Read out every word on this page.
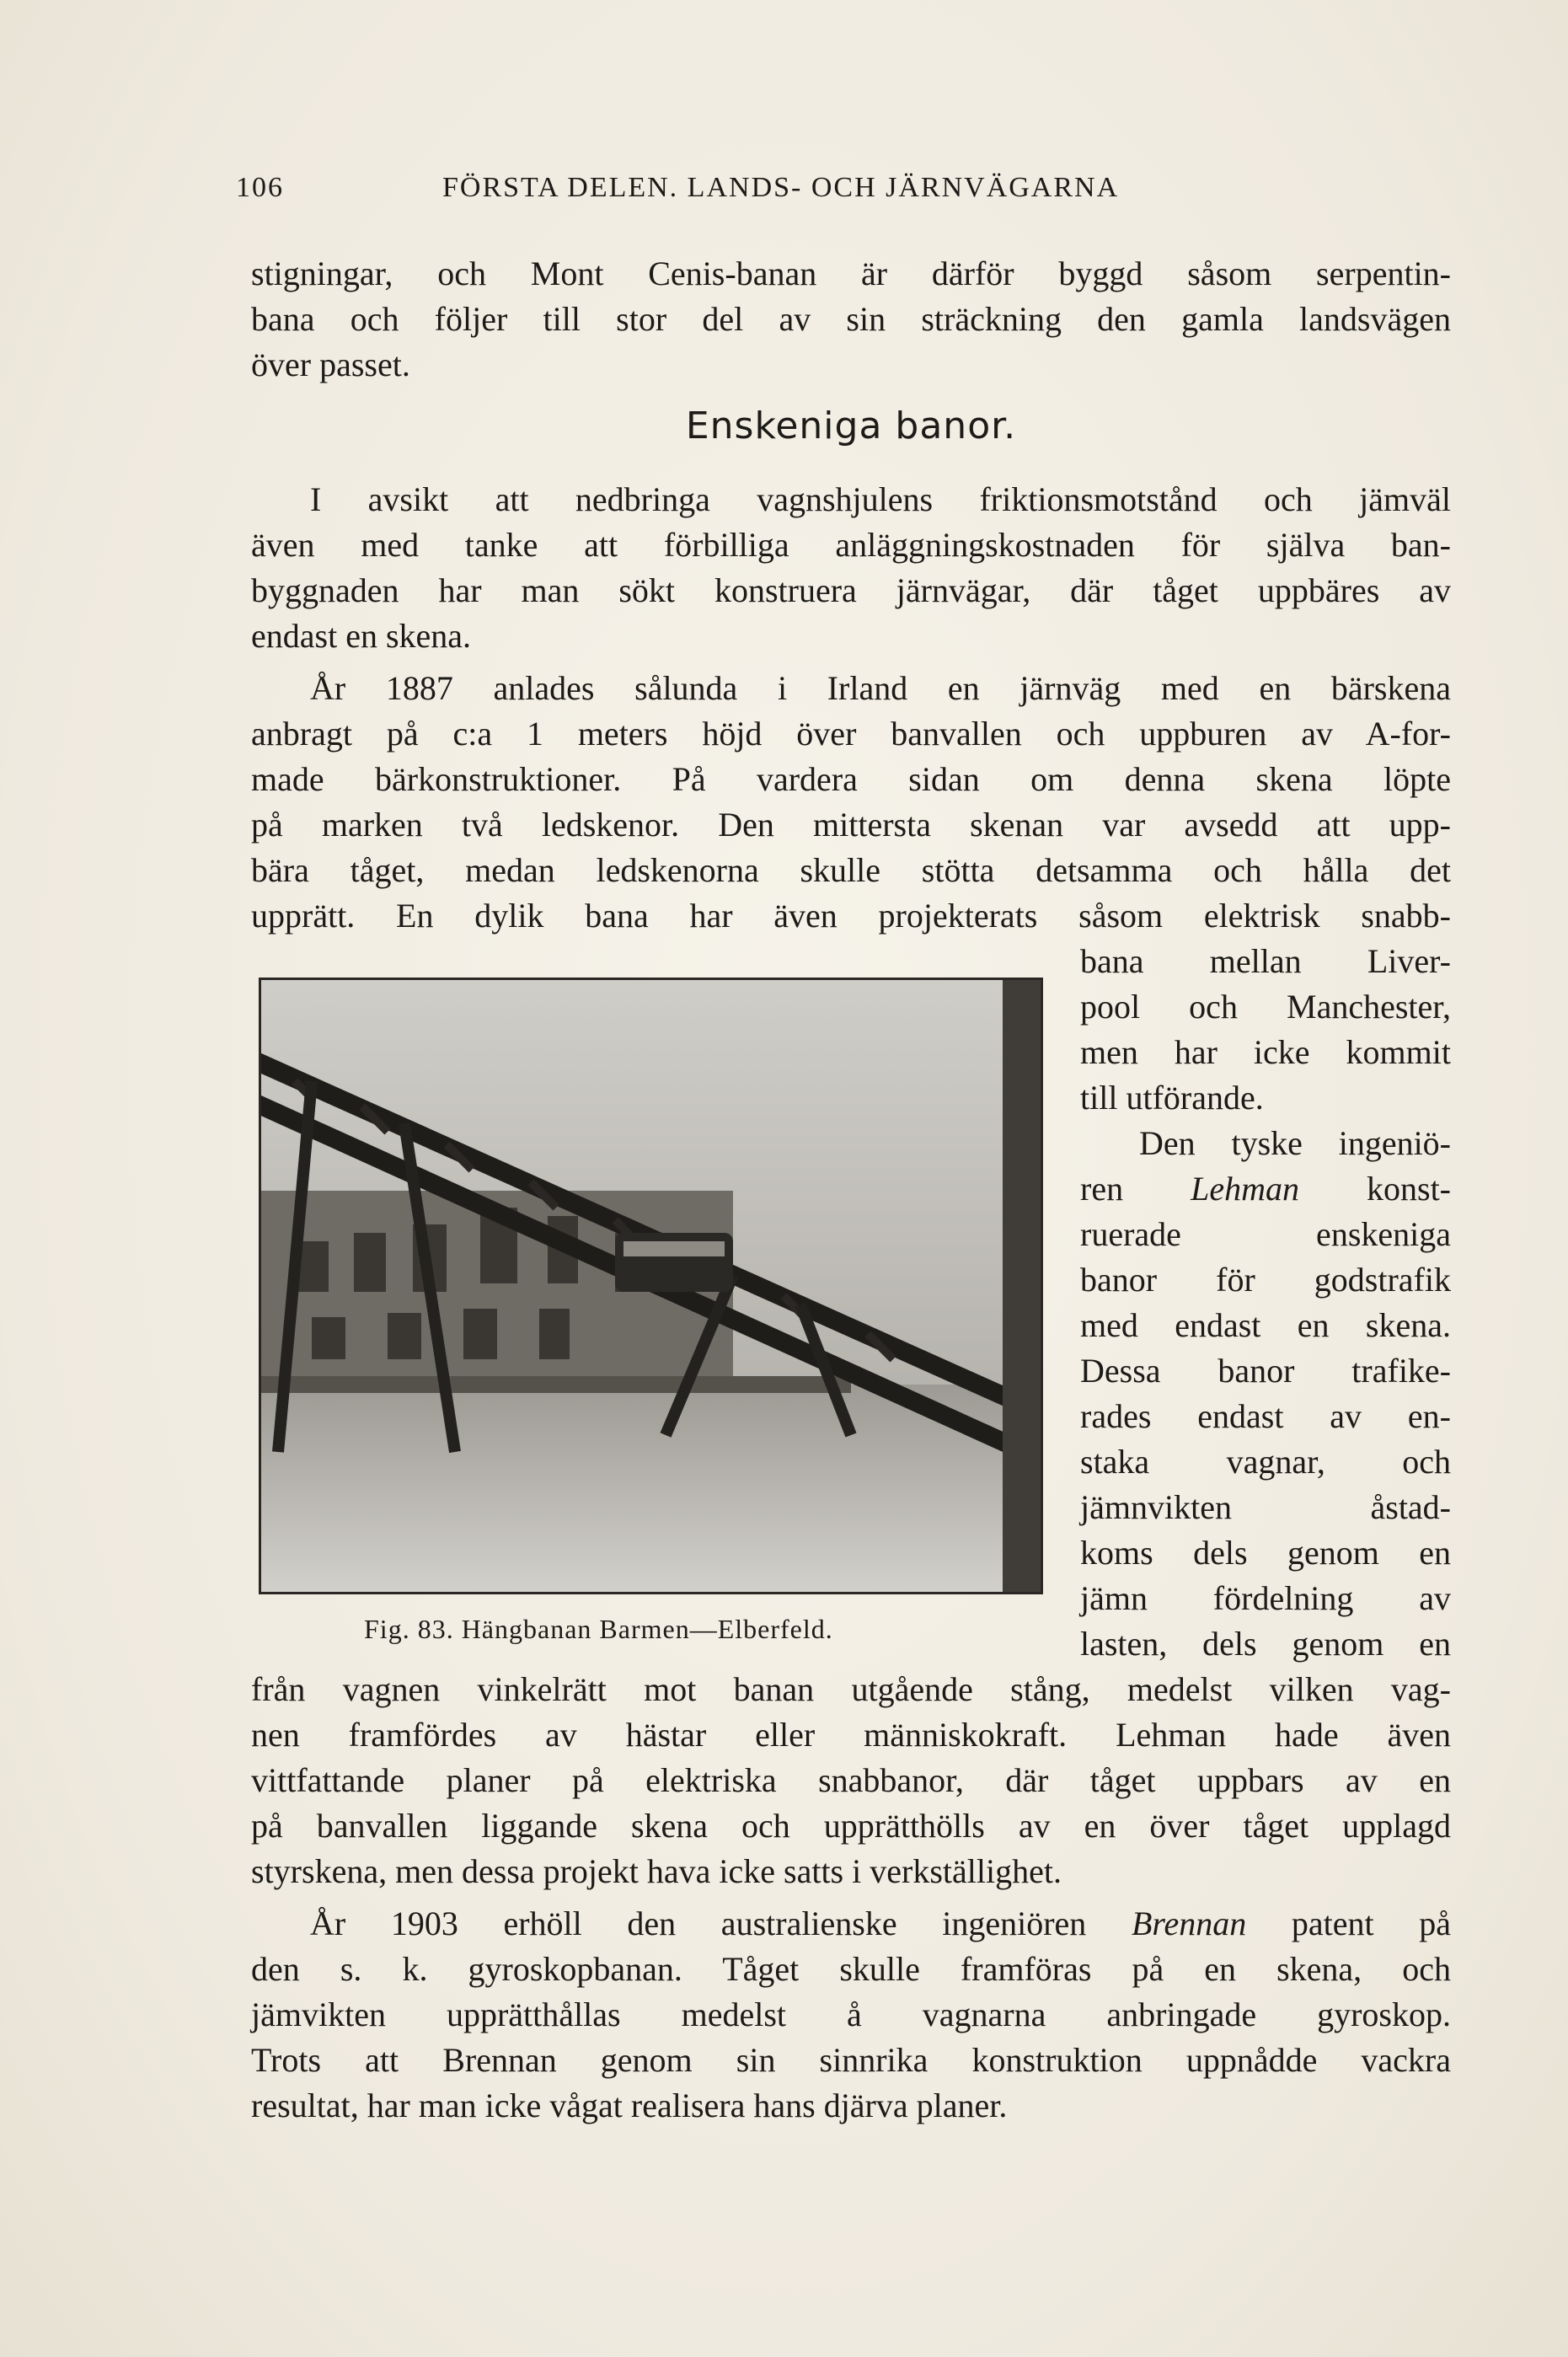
106	FÖRSTA DELEN. LANDS- OCH JÄRNVÄGARNA
stigningar, och Mont Cenis-banan är därför byggd såsom serpentin-
bana och följer till stor del av sin sträckning den gamla landsvägen
över passet.
Enskeniga banor.
I avsikt att nedbringa vagnshjulens friktionsmotstånd och jämväl
även med tanke att förbilliga anläggningskostnaden för själva ban-
byggnaden har man sökt konstruera järnvägar, där tåget uppbäres av
endast en skena.
År 1887 anlades sålunda i Irland en järnväg med en bärskena
anbragt på c:a 1 meters höjd över banvallen och uppburen av A-for-
made bärkonstruktioner. På vardera sidan om denna skena löpte
på marken två ledskenor. Den mittersta skenan var avsedd att upp-
bära tåget, medan ledskenorna skulle stötta detsamma och hålla det
upprätt. En dylik bana har även projekterats såsom elektrisk snabb-
bana mellan Liver-
pool och Manchester,
men har icke kommit
till utförande.
Den tyske ingeniö-
ren Lehman konst-
ruerade enskeniga
banor för godstrafik
med endast en skena.
Dessa banor trafike-
rades endast av en-
staka vagnar, och
jämnvikten åstad-
koms dels genom en
jämn fördelning av
lasten, dels genom en
Fig. 83. Hängbanan Barmen—Elberfeld.
från vagnen vinkelrätt mot banan utgående stång, medelst vilken vag-
nen framfördes av hästar eller människokraft. Lehman hade även
vittfattande planer på elektriska snabbanor, där tåget uppbars av en
på banvallen liggande skena och upprätthölls av en över tåget upplagd
styrskena, men dessa projekt hava icke satts i verkställighet.
År 1903 erhöll den australienske ingeniören Brennan patent på
den s. k. gyroskopbanan. Tåget skulle framföras på en skena, och
jämvikten upprätthållas medelst å vagnarna anbringade gyroskop.
Trots att Brennan genom sin sinnrika konstruktion uppnådde vackra
resultat, har man icke vågat realisera hans djärva planer.
